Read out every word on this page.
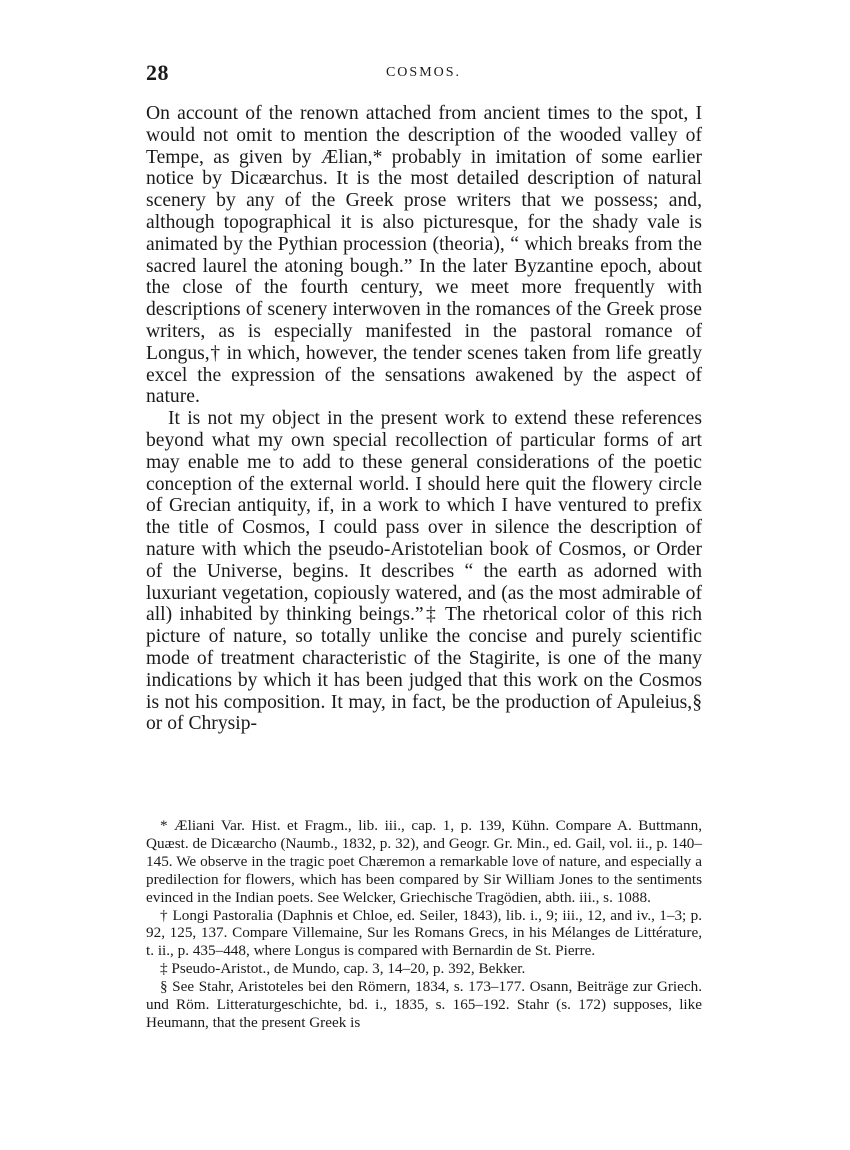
28	COSMOS.

On account of the renown attached from ancient times to the spot, I would not omit to mention the description of the wooded valley of Tempe, as given by Ælian,* probably in imitation of some earlier notice by Dicæarchus. It is the most detailed description of natural scenery by any of the Greek prose writers that we possess; and, although topographical it is also picturesque, for the shady vale is animated by the Pythian procession (theoria), “ which breaks from the sacred laurel the atoning bough.” In the later Byzantine epoch, about the close of the fourth century, we meet more frequently with descriptions of scenery interwoven in the romances of the Greek prose writers, as is especially manifested in the pastoral romance of Longus,† in which, however, the tender scenes taken from life greatly excel the expression of the sensations awakened by the aspect of nature.

It is not my object in the present work to extend these references beyond what my own special recollection of particular forms of art may enable me to add to these general considerations of the poetic conception of the external world. I should here quit the flowery circle of Grecian antiquity, if, in a work to which I have ventured to prefix the title of Cosmos, I could pass over in silence the description of nature with which the pseudo-Aristotelian book of Cosmos, or Order of the Universe, begins. It describes “ the earth as adorned with luxuriant vegetation, copiously watered, and (as the most admirable of all) inhabited by thinking beings.”‡ The rhetorical color of this rich picture of nature, so totally unlike the concise and purely scientific mode of treatment characteristic of the Stagirite, is one of the many indications by which it has been judged that this work on the Cosmos is not his composition. It may, in fact, be the production of Apuleius,§ or of Chrysip-

* Æliani Var. Hist. et Fragm., lib. iii., cap. 1, p. 139, Kühn. Compare A. Buttmann, Quæst. de Dicæarcho (Naumb., 1832, p. 32), and Geogr. Gr. Min., ed. Gail, vol. ii., p. 140–145. We observe in the tragic poet Chæremon a remarkable love of nature, and especially a predilection for flowers, which has been compared by Sir William Jones to the sentiments evinced in the Indian poets. See Welcker, Griechische Tragödien, abth. iii., s. 1088.

† Longi Pastoralia (Daphnis et Chloe, ed. Seiler, 1843), lib. i., 9; iii., 12, and iv., 1–3; p. 92, 125, 137. Compare Villemaine, Sur les Romans Grecs, in his Mélanges de Littérature, t. ii., p. 435–448, where Longus is compared with Bernardin de St. Pierre.

‡ Pseudo-Aristot., de Mundo, cap. 3, 14–20, p. 392, Bekker.

§ See Stahr, Aristoteles bei den Römern, 1834, s. 173–177. Osann, Beiträge zur Griech. und Röm. Litteraturgeschichte, bd. i., 1835, s. 165–192. Stahr (s. 172) supposes, like Heumann, that the present Greek is
